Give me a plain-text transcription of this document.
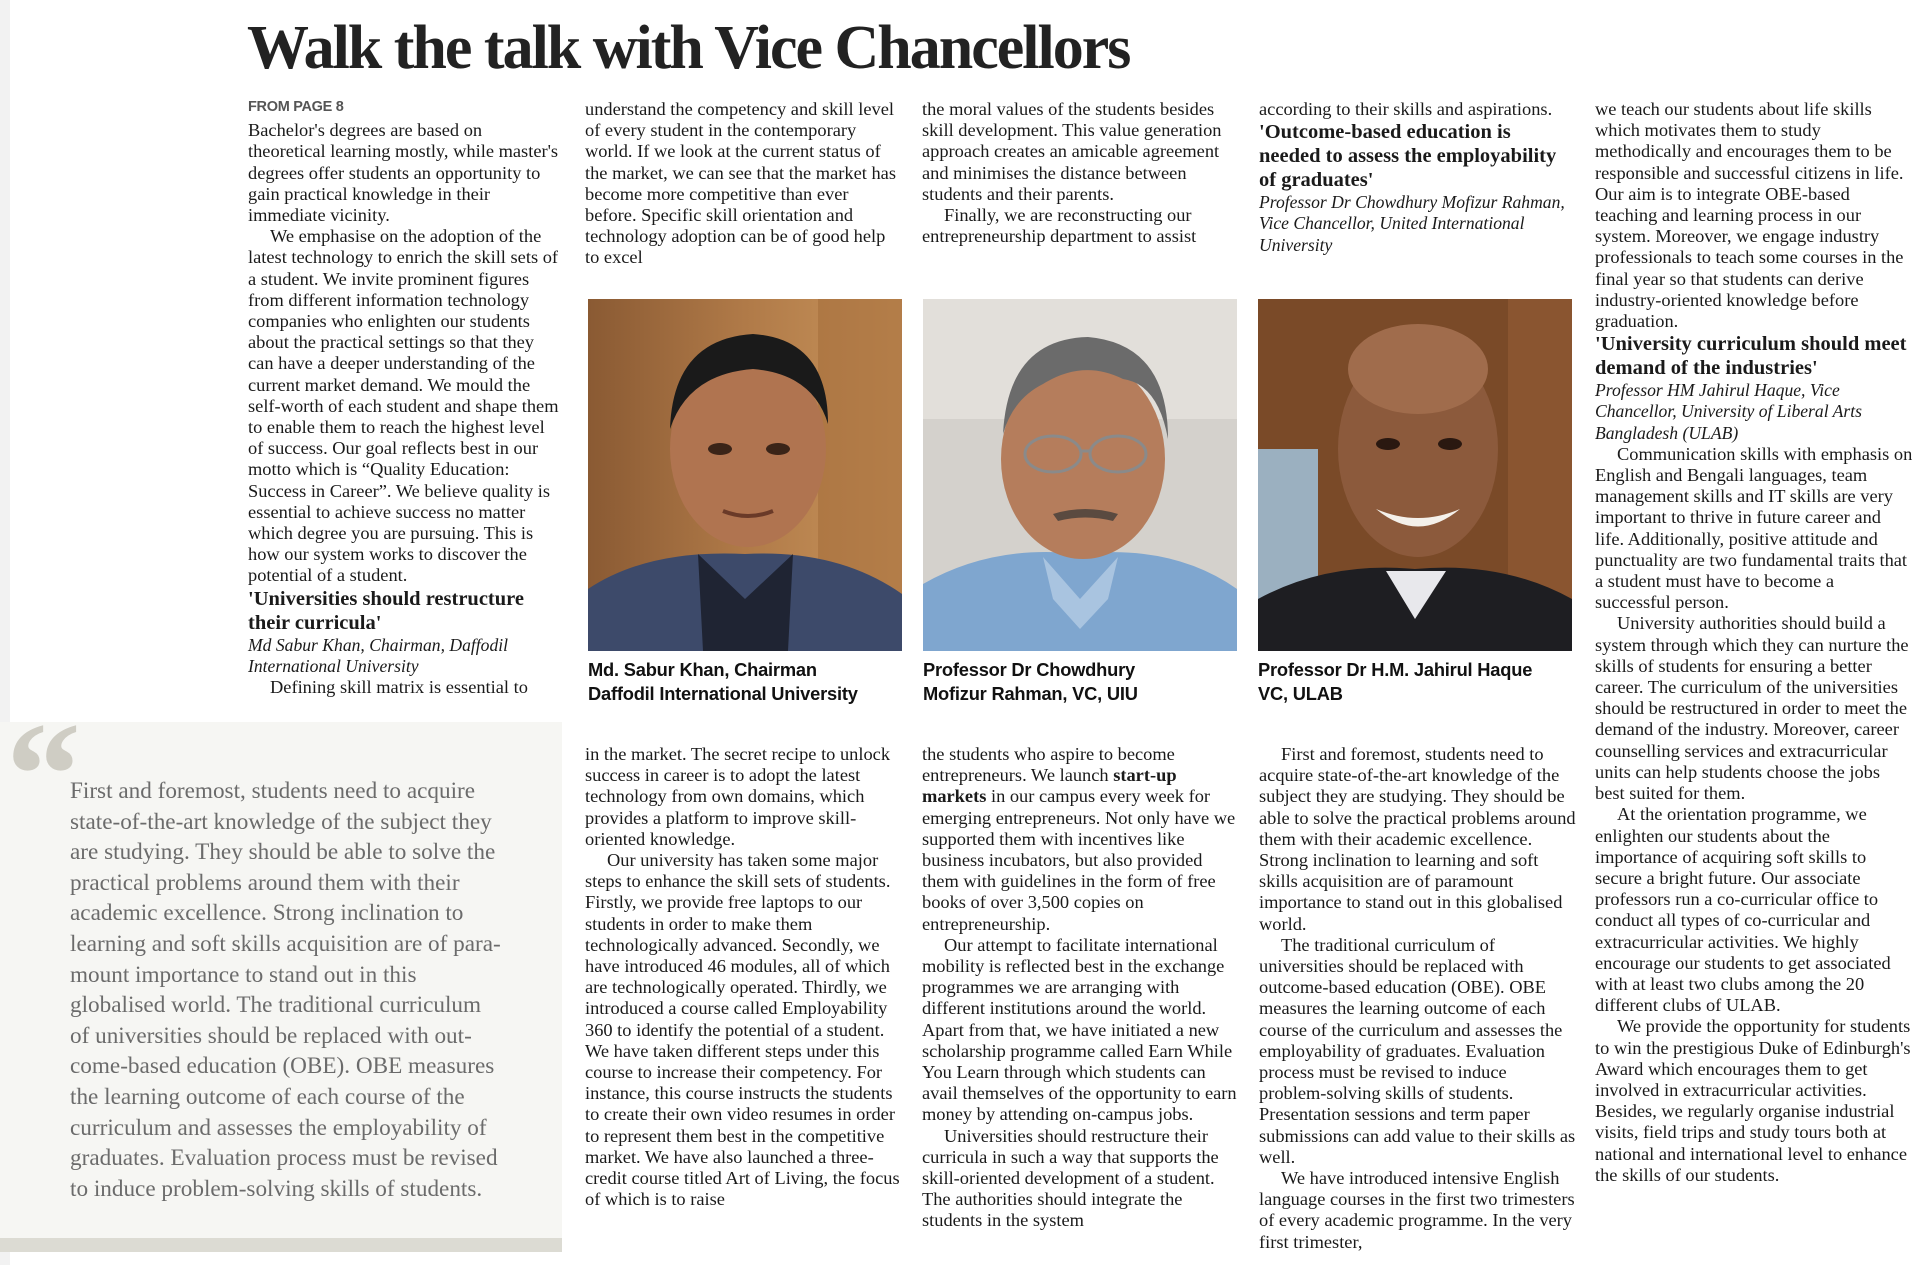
Walk the talk with Vice Chancellors
FROM PAGE 8

Bachelor's degrees are based on theoretical learning mostly, while master's degrees offer students an opportunity to gain practical knowledge in their immediate vicinity.

We emphasise on the adoption of the latest technology to enrich the skill sets of a student. We invite prominent figures from different information technology companies who enlighten our students about the practical settings so that they can have a deeper understanding of the current market demand. We mould the self-worth of each student and shape them to enable them to reach the highest level of success. Our goal reflects best in our motto which is “Quality Education: Success in Career”. We believe quality is essential to achieve success no matter which degree you are pursuing. This is how our system works to discover the potential of a student.

'Universities should restructure their curricula'

Md Sabur Khan, Chairman, Daffodil International University

Defining skill matrix is essential to

understand the competency and skill level of every student in the contemporary world. If we look at the current status of the market, we can see that the market has become more competitive than ever before. Specific skill orientation and technology adoption can be of good help to excel

the moral values of the students besides skill development. This value generation approach creates an amicable agreement and minimises the distance between students and their parents.

Finally, we are reconstructing our entrepreneurship department to assist

according to their skills and aspirations.

'Outcome-based education is needed to assess the employability of graduates'

Professor Dr Chowdhury Mofizur Rahman, Vice Chancellor, United International University

we teach our students about life skills which motivates them to study methodically and encourages them to be responsible and successful citizens in life. Our aim is to integrate OBE-based teaching and learning process in our system. Moreover, we engage industry professionals to teach some courses in the final year so that students can derive industry-oriented knowledge before graduation.

'University curriculum should meet demand of the industries'

Professor HM Jahirul Haque, Vice Chancellor, University of Liberal Arts Bangladesh (ULAB)

Communication skills with emphasis on English and Bengali languages, team management skills and IT skills are very important to thrive in future career and life. Additionally, positive attitude and punctuality are two fundamental traits that a student must have to become a successful person.

University authorities should build a system through which they can nurture the skills of students for ensuring a better career. The curriculum of the universities should be restructured in order to meet the demand of the industry. Moreover, career counselling services and extracurricular units can help students choose the jobs best suited for them.

At the orientation programme, we enlighten our students about the importance of acquiring soft skills to secure a bright future. Our associate professors run a co-curricular office to conduct all types of co-curricular and extracurricular activities. We highly encourage our students to get associated with at least two clubs among the 20 different clubs of ULAB.

We provide the opportunity for students to win the prestigious Duke of Edinburgh's Award which encourages them to get involved in extracurricular activities. Besides, we regularly organise industrial visits, field trips and study tours both at national and international level to enhance the skills of our students.

Md. Sabur Khan, Chairman
Daffodil International University
Professor Dr Chowdhury
Mofizur Rahman, VC, UIU
Professor Dr H.M. Jahirul Haque
VC, ULAB
“
First and foremost, students need to acquire
state-of-the-art knowledge of the subject they
are studying. They should be able to solve the
practical problems around them with their
academic excellence. Strong inclination to
learning and soft skills acquisition are of para-
mount importance to stand out in this
globalised world. The traditional curriculum
of universities should be replaced with out-
come-based education (OBE). OBE measures
the learning outcome of each course of the
curriculum and assesses the employability of
graduates. Evaluation process must be revised
to induce problem-solving skills of students.

in the market. The secret recipe to unlock success in career is to adopt the latest technology from own domains, which provides a platform to improve skill-oriented knowledge.

Our university has taken some major steps to enhance the skill sets of students. Firstly, we provide free laptops to our students in order to make them technologically advanced. Secondly, we have introduced 46 modules, all of which are technologically operated. Thirdly, we introduced a course called Employability 360 to identify the potential of a student. We have taken different steps under this course to increase their competency. For instance, this course instructs the students to create their own video resumes in order to represent them best in the competitive market. We have also launched a three-credit course titled Art of Living, the focus of which is to raise

the students who aspire to become entrepreneurs. We launch start-up markets in our campus every week for emerging entrepreneurs. Not only have we supported them with incentives like business incubators, but also provided them with guidelines in the form of free books of over 3,500 copies on entrepreneurship.

Our attempt to facilitate international mobility is reflected best in the exchange programmes we are arranging with different institutions around the world. Apart from that, we have initiated a new scholarship programme called Earn While You Learn through which students can avail themselves of the opportunity to earn money by attending on-campus jobs.

Universities should restructure their curricula in such a way that supports the skill-oriented development of a student. The authorities should integrate the students in the system

First and foremost, students need to acquire state-of-the-art knowledge of the subject they are studying. They should be able to solve the practical problems around them with their academic excellence. Strong inclination to learning and soft skills acquisition are of paramount importance to stand out in this globalised world.

The traditional curriculum of universities should be replaced with outcome-based education (OBE). OBE measures the learning outcome of each course of the curriculum and assesses the employability of graduates. Evaluation process must be revised to induce problem-solving skills of students. Presentation sessions and term paper submissions can add value to their skills as well.

We have introduced intensive English language courses in the first two trimesters of every academic programme. In the very first trimester,
